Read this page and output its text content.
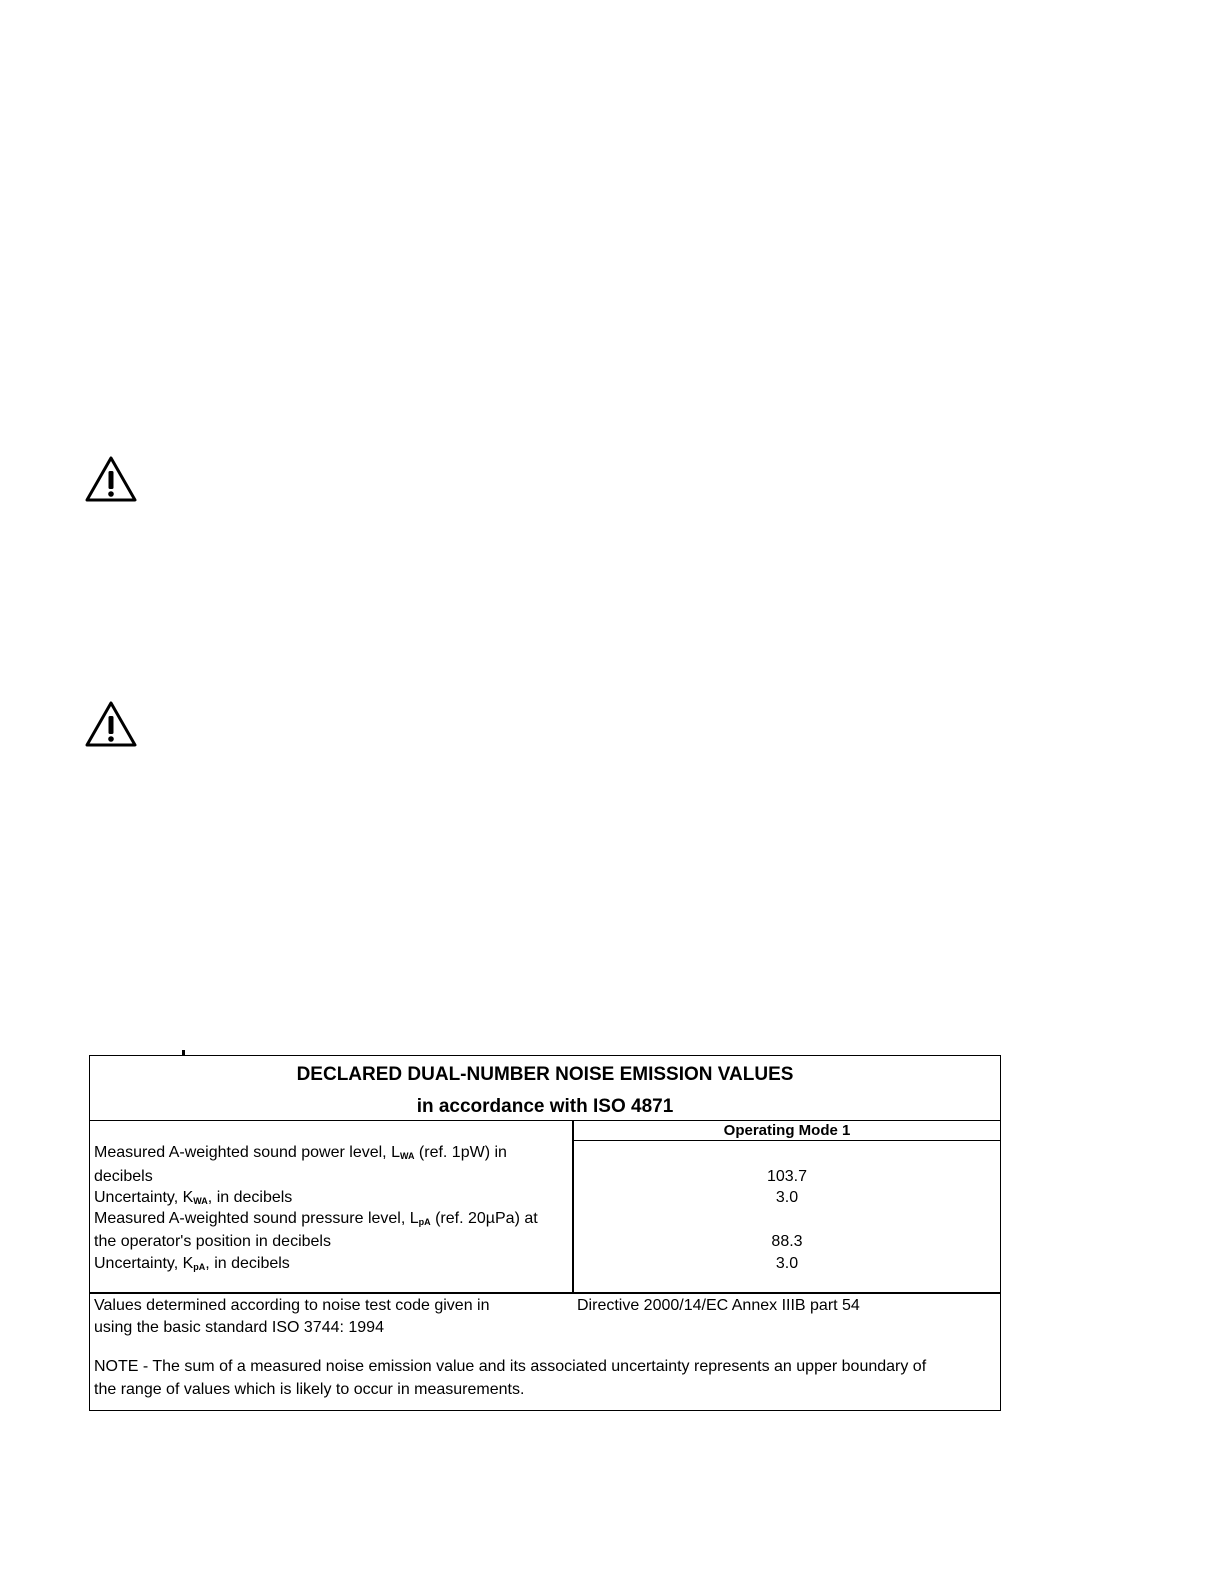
DECLARED DUAL-NUMBER NOISE EMISSION VALUES
in accordance with ISO 4871
Operating Mode 1
Measured A-weighted sound power level, $L_{WA}$ (ref. 1pW) in
decibels	103.7
Uncertainty, $K_{WA}$, in decibels	3.0
Measured A-weighted sound pressure level, $L_{pA}$ (ref. 20µPa) at
the operator's position in decibels	88.3
Uncertainty, $K_{pA}$, in decibels	3.0
Values determined according to noise test code given in	Directive 2000/14/EC Annex IIIB part 54
using the basic standard ISO 3744: 1994
NOTE - The sum of a measured noise emission value and its associated uncertainty represents an upper boundary of
the range of values which is likely to occur in measurements.
